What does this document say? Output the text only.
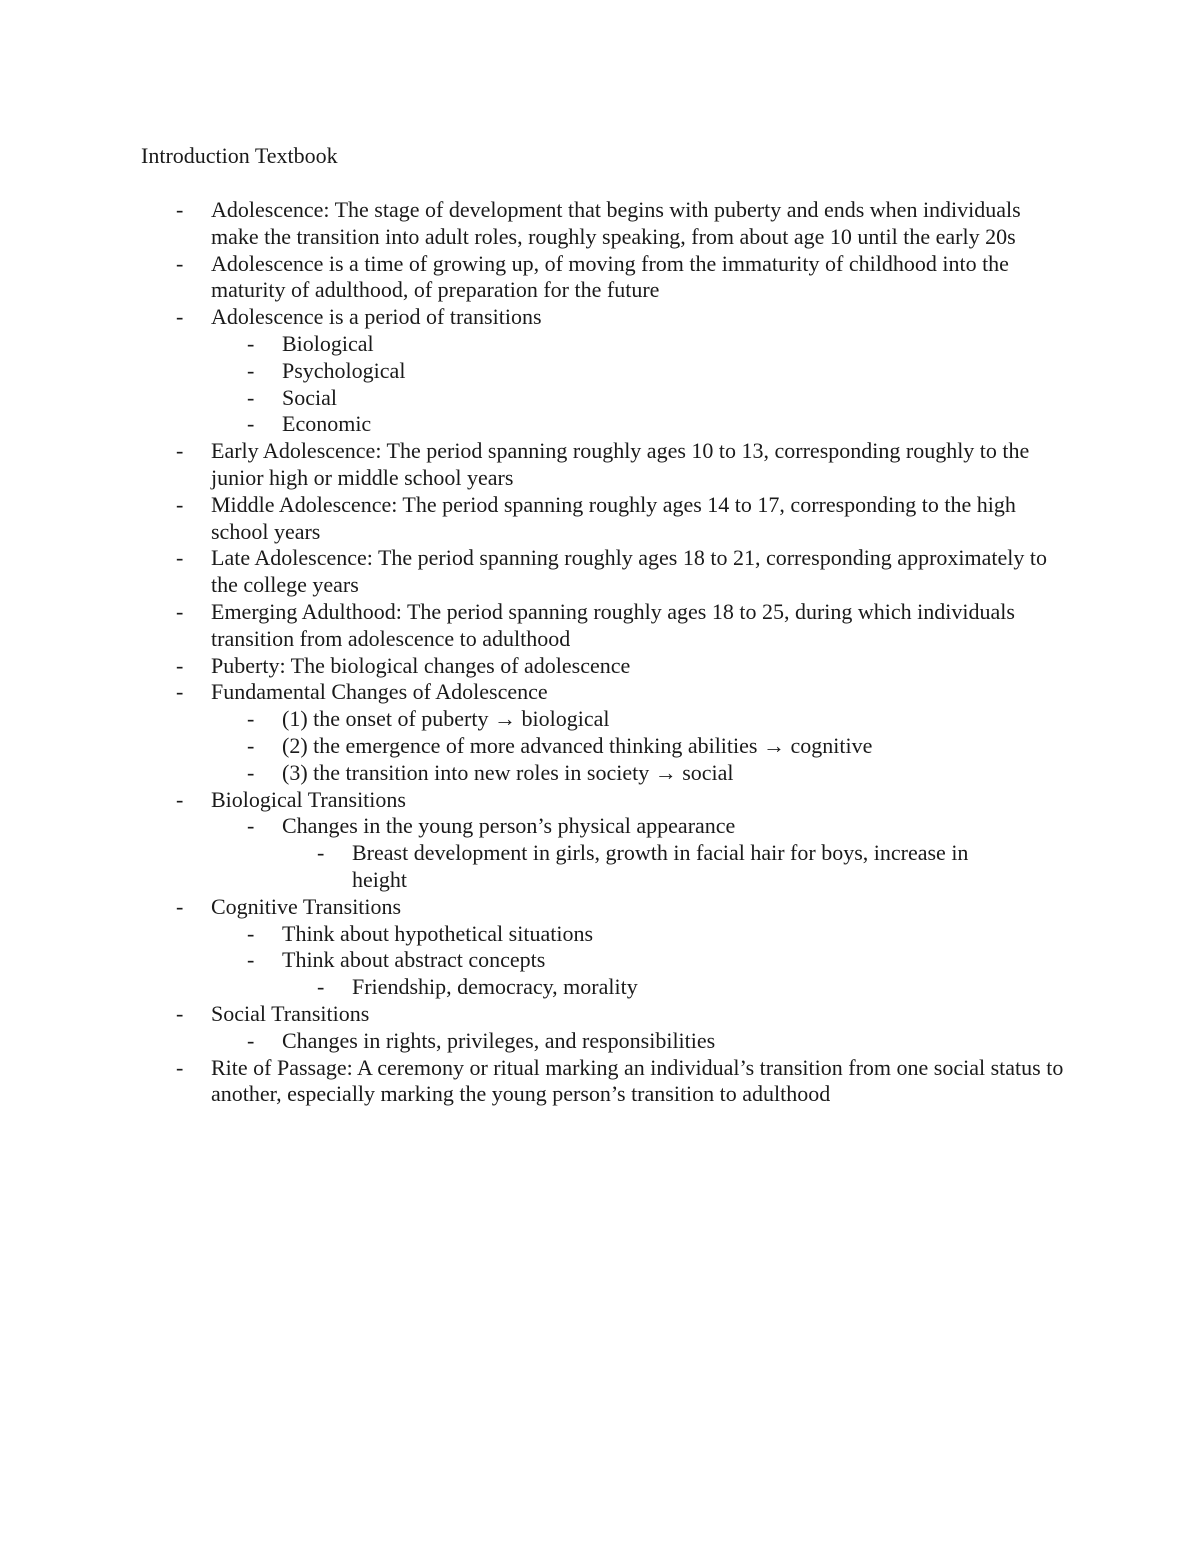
Introduction Textbook
- Adolescence: The stage of development that begins with puberty and ends when individuals make the transition into adult roles, roughly speaking, from about age 10 until the early 20s
- Adolescence is a time of growing up, of moving from the immaturity of childhood into the maturity of adulthood, of preparation for the future
- Adolescence is a period of transitions
- Biological
- Psychological
- Social
- Economic
- Early Adolescence: The period spanning roughly ages 10 to 13, corresponding roughly to the junior high or middle school years
- Middle Adolescence: The period spanning roughly ages 14 to 17, corresponding to the high school years
- Late Adolescence: The period spanning roughly ages 18 to 21, corresponding approximately to the college years
- Emerging Adulthood: The period spanning roughly ages 18 to 25, during which individuals transition from adolescence to adulthood
- Puberty: The biological changes of adolescence
- Fundamental Changes of Adolescence
- (1) the onset of puberty → biological
- (2) the emergence of more advanced thinking abilities → cognitive
- (3) the transition into new roles in society → social
- Biological Transitions
- Changes in the young person’s physical appearance
- Breast development in girls, growth in facial hair for boys, increase in height
- Cognitive Transitions
- Think about hypothetical situations
- Think about abstract concepts
- Friendship, democracy, morality
- Social Transitions
- Changes in rights, privileges, and responsibilities
- Rite of Passage: A ceremony or ritual marking an individual’s transition from one social status to another, especially marking the young person’s transition to adulthood
